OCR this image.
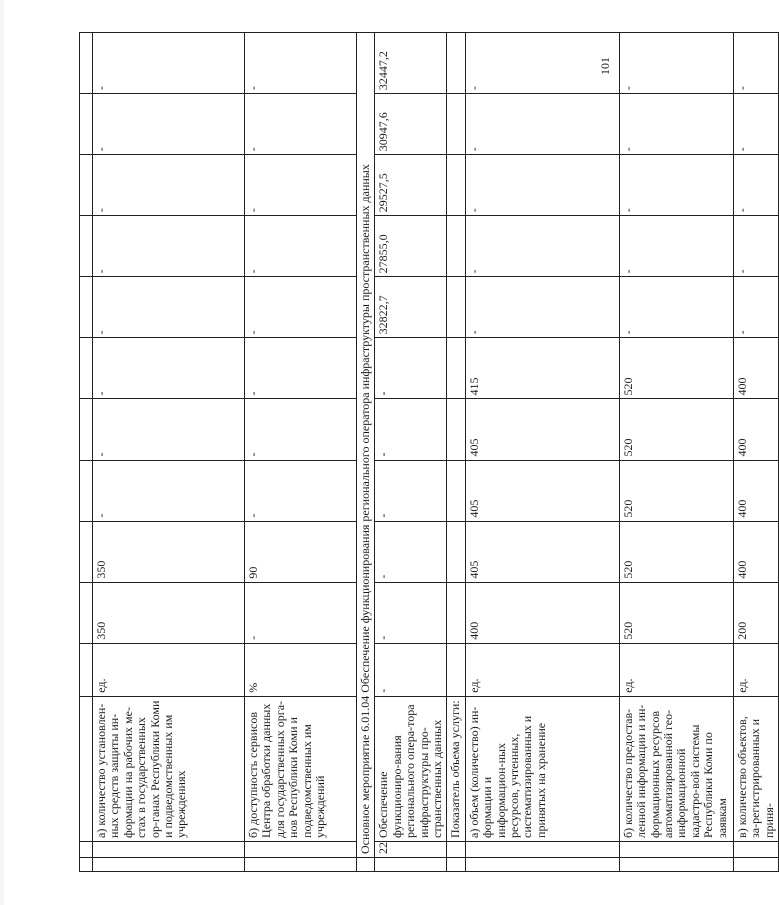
101

		а) количество установлен-ных средств защиты ин-формации на рабочих ме-стах в государственных ор-ганах Республики Коми и подведомственных им учреждениях	ед.	350	350	-	-	-	-	-	-	-	-
		б) доступность сервисов Центра обработки данных для государственных орга-нов Республики Коми и подведомственных им учреждений	%	-	90	-	-	-	-	-	-	-	-
	Основное мероприятие 6.01.04 Обеспечение функционирования регионального оператора инфраструктуры пространственных данных												
	22	Обеспечение функциониро-вания регионального опера-тора инфраструктуры про-странственных данных	-	-	-	-	-	-	32822,7	27855,0	29527,5	30947,6	32447,2
		Показатель объема услуги:											
		а) объем (количество) ин-формации и информацион-ных ресурсов, учтенных, систематизированных и принятых на хранение	ед.	400	405	405	405	415	-	-	-	-	-
		б) количество предостав-ленной информации и ин-формационных ресурсов автоматизированной гео-информационной кадастро-вой системы Республики Коми по заявкам	ед.	520	520	520	520	520	-	-	-	-	-
		в) количество объектов, за-регистрированных и приня-	ед.	200	400	400	400	400	-	-	-	-	-
